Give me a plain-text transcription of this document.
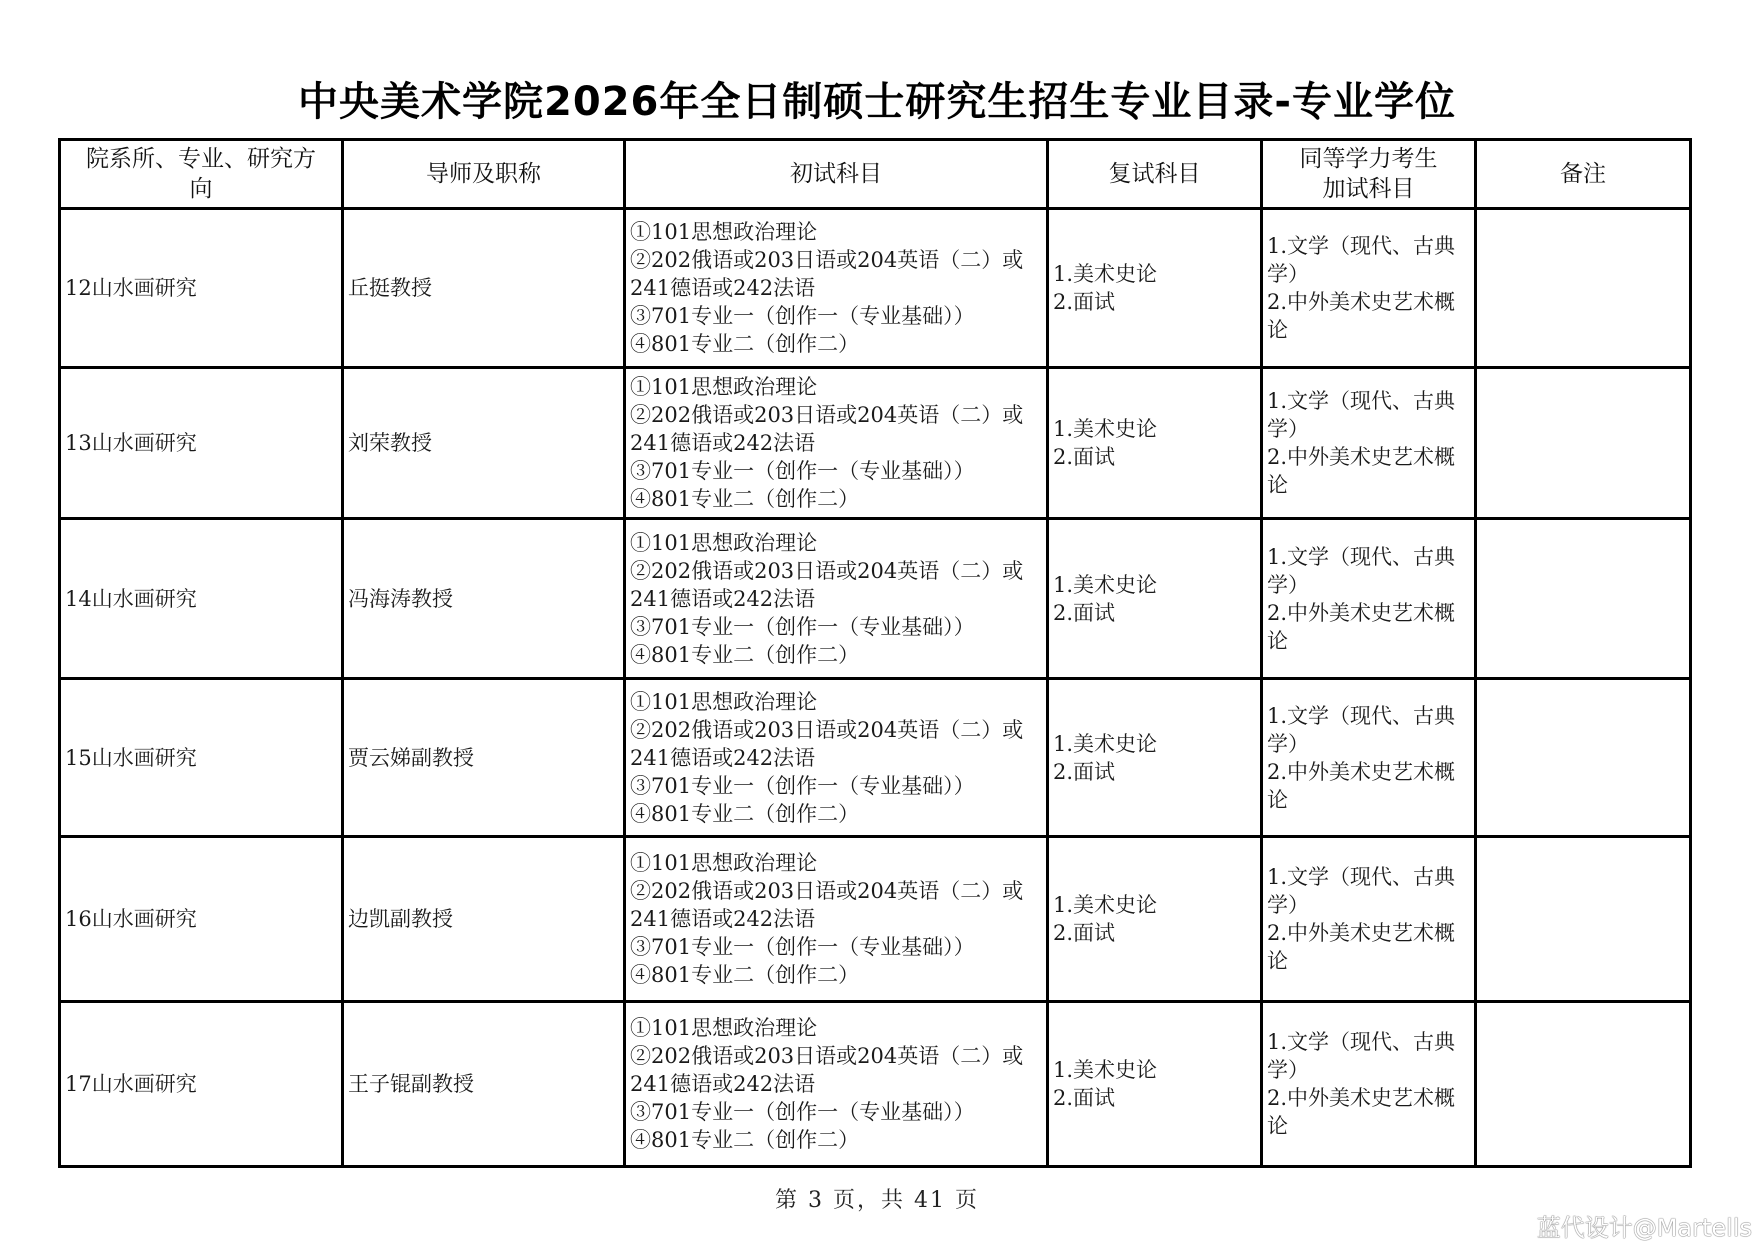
中央美术学院2026年全日制硕士研究生招生专业目录-专业学位
院系所、专业、研究方向	导师及职称	初试科目	复试科目	同等学力考生加试科目	备注
12山水画研究	丘挺教授	①101思想政治理论
②202俄语或203日语或204英语（二）或
241德语或242法语
③701专业一（创作一（专业基础））
④801专业二（创作二）	1.美术史论
2.面试	1.文学（现代、古典学）
2.中外美术史艺术概论	

13山水画研究	刘荣教授	①101思想政治理论
②202俄语或203日语或204英语（二）或
241德语或242法语
③701专业一（创作一（专业基础））
④801专业二（创作二）	1.美术史论
2.面试	1.文学（现代、古典学）
2.中外美术史艺术概论	

14山水画研究	冯海涛教授	①101思想政治理论
②202俄语或203日语或204英语（二）或
241德语或242法语
③701专业一（创作一（专业基础））
④801专业二（创作二）	1.美术史论
2.面试	1.文学（现代、古典学）
2.中外美术史艺术概论	

15山水画研究	贾云娣副教授	①101思想政治理论
②202俄语或203日语或204英语（二）或
241德语或242法语
③701专业一（创作一（专业基础））
④801专业二（创作二）	1.美术史论
2.面试	1.文学（现代、古典学）
2.中外美术史艺术概论	

16山水画研究	边凯副教授	①101思想政治理论
②202俄语或203日语或204英语（二）或
241德语或242法语
③701专业一（创作一（专业基础））
④801专业二（创作二）	1.美术史论
2.面试	1.文学（现代、古典学）
2.中外美术史艺术概论	

17山水画研究	王子锟副教授	①101思想政治理论
②202俄语或203日语或204英语（二）或
241德语或242法语
③701专业一（创作一（专业基础））
④801专业二（创作二）	1.美术史论
2.面试	1.文学（现代、古典学）
2.中外美术史艺术概论	

第 3 页，共 41 页
蓝代设计@Martells
